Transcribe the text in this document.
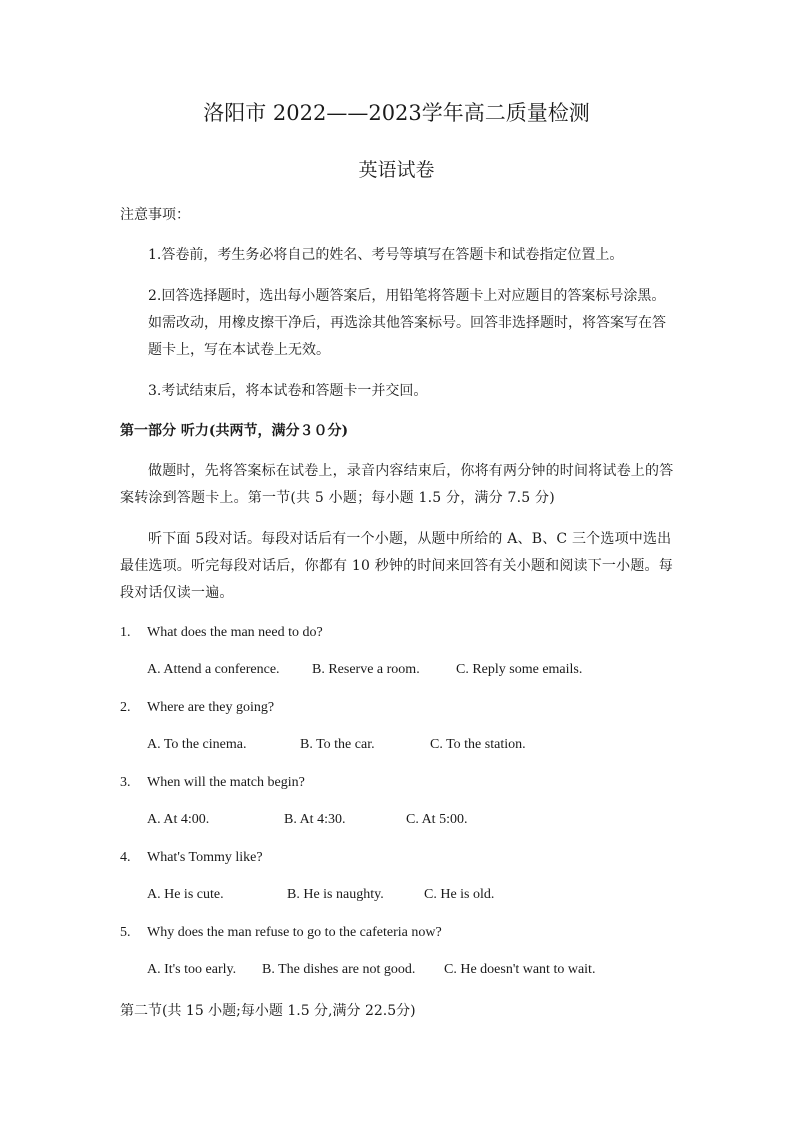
洛阳市 2022——2023学年高二质量检测
英语试卷
注意事项：
1.答卷前，考生务必将自己的姓名、考号等填写在答题卡和试卷指定位置上。
2.回答选择题时，选出每小题答案后，用铅笔将答题卡上对应题目的答案标号涂黑。如需改动，用橡皮擦干净后，再选涂其他答案标号。回答非选择题时，将答案写在答题卡上，写在本试卷上无效。
3.考试结束后，将本试卷和答题卡一并交回。
第一部分 听力(共两节，满分３０分)
做题时，先将答案标在试卷上，录音内容结束后，你将有两分钟的时间将试卷上的答案转涂到答题卡上。第一节(共 5 小题；每小题 1.5 分，满分 7.5 分)
听下面 5段对话。每段对话后有一个小题，从题中所给的 A、B、C 三个选项中选出最佳选项。听完每段对话后，你都有 10 秒钟的时间来回答有关小题和阅读下一小题。每段对话仅读一遍。
1. What does the man need to do?
A. Attend a conference. B. Reserve a room.	C. Reply some emails.
2. Where are they going?
A. To the cinema.	B. To the car.	C. To the station.
3. When will the match begin?
A. At 4:00.	B. At 4:30.	C. At 5:00.
4. What's Tommy like?
A. He is cute.	B. He is naughty.	C. He is old.
5. Why does the man refuse to go to the cafeteria now?
A. It's too early. B. The dishes are not good. C. He doesn't want to wait.
第二节(共 15 小题;每小题 1.5 分,满分 22.5分)
